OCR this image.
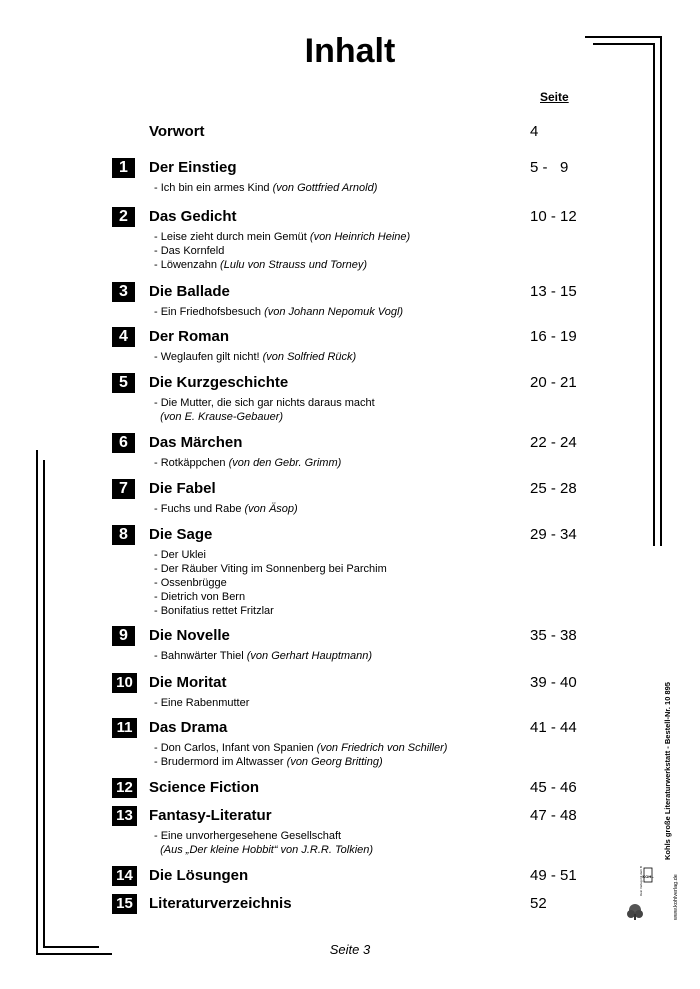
Inhalt
Seite
Vorwort	4
1	Der Einstieg	5 -   9
- Ich bin ein armes Kind (von Gottfried Arnold)
2	Das Gedicht	10 - 12
- Leise zieht durch mein Gemüt (von Heinrich Heine)
- Das Kornfeld
- Löwenzahn (Lulu von Strauss und Torney)
3	Die Ballade	13 - 15
- Ein Friedhofsbesuch (von Johann Nepomuk Vogl)
4	Der Roman	16 - 19
- Weglaufen gilt nicht! (von Solfried Rück)
5	Die Kurzgeschichte	20 - 21
- Die Mutter, die sich gar nichts daraus macht
(von E. Krause-Gebauer)
6	Das Märchen	22 - 24
- Rotkäppchen (von den Gebr. Grimm)
7	Die Fabel	25 - 28
- Fuchs und Rabe (von Äsop)
8	Die Sage	29 - 34
- Der Uklei
- Der Räuber Viting im Sonnenberg bei Parchim
- Ossenbrügge
- Dietrich von Bern
- Bonifatius rettet Fritzlar
9	Die Novelle	35 - 38
- Bahnwärter Thiel (von Gerhart Hauptmann)
10 Die Moritat	39 - 40
- Eine Rabenmutter
11	Das Drama	41 - 44
- Don Carlos, Infant von Spanien (von Friedrich von Schiller)
- Brudermord im Altwasser (von Georg Britting)
12 Science Fiction	45 - 46
13 Fantasy-Literatur	47 - 48
- Eine unvorhergesehene Gesellschaft
(Aus „Der kleine Hobbit“ von J.R.R. Tolkien)
14 Die Lösungen	49 - 51
15 Literaturverzeichnis	52
Seite 3
Kohls große Literaturwerkstatt - Bestell-Nr. 10 895
www.kohlverlag.de
KOHL
Dein Verlag mit dem Baum
